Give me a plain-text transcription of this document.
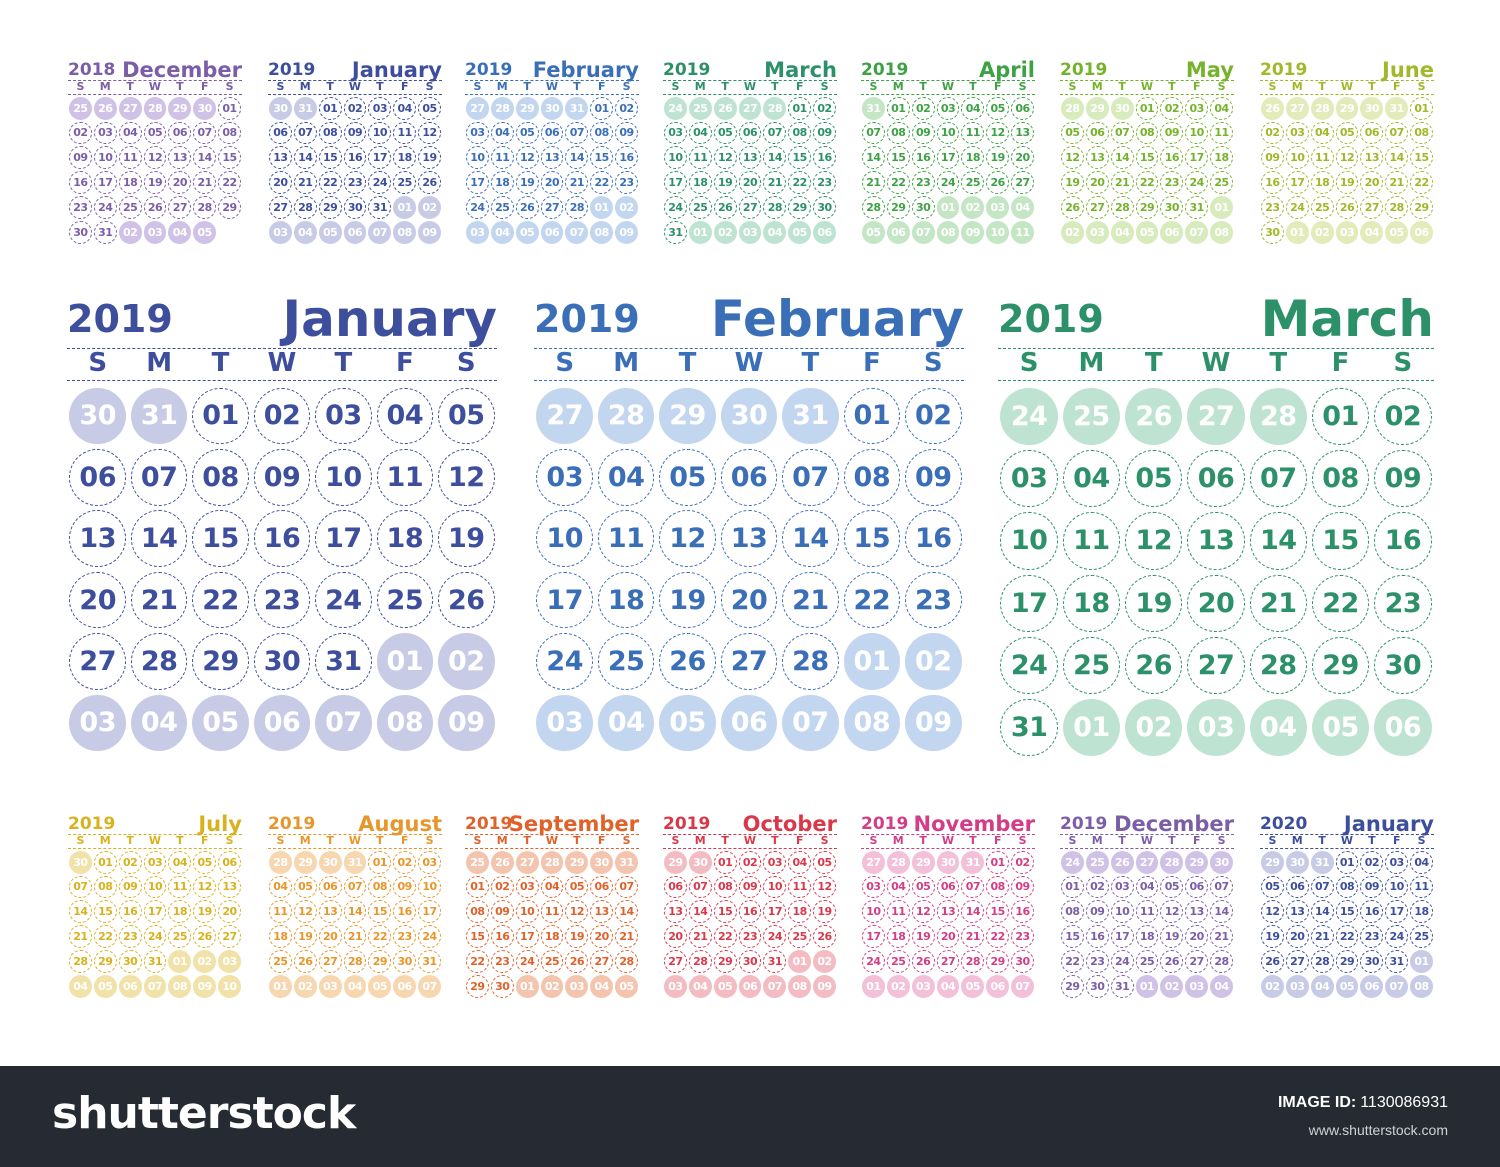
2018 December
S	M	T	W	T	F	S
25 26 27 28 29 30 01
02 03 04 05 06 07 08
09 10 11 12 13 14 15
16 17 18 19 20 21 22
23 24 25 26 27 28 29
30 31 02 03 04 05
2019 January
S	M	T	W	T	F	S
30 31 01 02 03 04 05
06 07 08 09 10 11 12
13 14 15 16 17 18 19
20 21 22 23 24 25 26
27 28 29 30 31 01 02
03 04 05 06 07 08 09
2019 February
S	M	T	W	T	F	S
27 28 29 30 31 01 02
03 04 05 06 07 08 09
10 11 12 13 14 15 16
17 18 19 20 21 22 23
24 25 26 27 28 01 02
03 04 05 06 07 08 09
2019	March
S	M	T	W	T	F	S
24 25 26 27 28 01 02
03 04 05 06 07 08 09
10 11 12 13 14 15 16
17 18 19 20 21 22 23
24 25 26 27 28 29 30
31 01 02 03 04 05 06
2019	April
S	M	T	W	T	F	S
31 01 02 03 04 05 06
07 08 09 10 11 12 13
14 15 16 17 18 19 20
21 22 23 24 25 26 27
28 29 30 01 02 03 04
05 06 07 08 09 10 11
2019	May
S	M	T	W	T	F	S
28 29 30 01 02 03 04
05 06 07 08 09 10 11
12 13 14 15 16 17 18
19 20 21 22 23 24 25
26 27 28 29 30 31 01
02 03 04 05 06 07 08
2019	June
S	M	T	W	T	F	S
26 27 28 29 30 31 01
02 03 04 05 06 07 08
09 10 11 12 13 14 15
16 17 18 19 20 21 22
23 24 25 26 27 28 29
30 01 02 03 04 05 06
2019 January
S	M	T	W	T	F	S
30 31 01 02 03 04 05
06 07 08 09 10 11 12
13 14 15 16 17 18 19
20 21 22 23 24 25 26
27 28 29 30 31 01 02
03 04 05 06 07 08 09
2019 February
S	M	T	W	T	F	S
27 28 29 30 31 01 02
03 04 05 06 07 08 09
10 11 12 13 14 15 16
17 18 19 20 21 22 23
24 25 26 27 28 01 02
03 04 05 06 07 08 09
2019	March
S	M	T	W	T	F	S
24 25 26 27 28 01 02
03 04 05 06 07 08 09
10 11 12 13 14 15 16
17 18 19 20 21 22 23
24 25 26 27 28 29 30
31 01 02 03 04 05 06
2019	July
S	M	T	W	T	F	S
30 01 02 03 04 05 06
07 08 09 10 11 12 13
14 15 16 17 18 19 20
21 22 23 24 25 26 27
28 29 30 31 01 02 03
04 05 06 07 08 09 10
2019 August
S	M	T	W	T	F	S
28 29 30 31 01 02 03
04 05 06 07 08 09 10
11 12 13 14 15 16 17
18 19 20 21 22 23 24
25 26 27 28 29 30 31
01 02 03 04 05 06 07
2019
September
S	M	T	W	T	F	S
25 26 27 28 29 30 31
01 02 03 04 05 06 07
08 09 10 11 12 13 14
15 16 17 18 19 20 21
22 23 24 25 26 27 28
29 30 01 02 03 04 05
2019 October
S	M	T	W	T	F	S
29 30 01 02 03 04 05
06 07 08 09 10 11 12
13 14 15 16 17 18 19
20 21 22 23 24 25 26
27 28 29 30 31 01 02
03 04 05 06 07 08 09
2019 November
S	M	T	W	T	F	S
27 28 29 30 31 01 02
03 04 05 06 07 08 09
10 11 12 13 14 15 16
17 18 19 20 21 22 23
24 25 26 27 28 29 30
01 02 03 04 05 06 07
2019 December
S	M	T	W	T	F	S
24 25 26 27 28 29 30
01 02 03 04 05 06 07
08 09 10 11 12 13 14
15 16 17 18 19 20 21
22 23 24 25 26 27 28
29 30 31 01 02 03 04
2020 January
S	M	T	W	T	F	S
29 30 31 01 02 03 04
05 06 07 08 09 10 11
12 13 14 15 16 17 18
19 20 21 22 23 24 25
26 27 28 29 30 31 01
02 03 04 05 06 07 08
shutterstock	IMAGE ID: 1130086931
www.shutterstock.com
